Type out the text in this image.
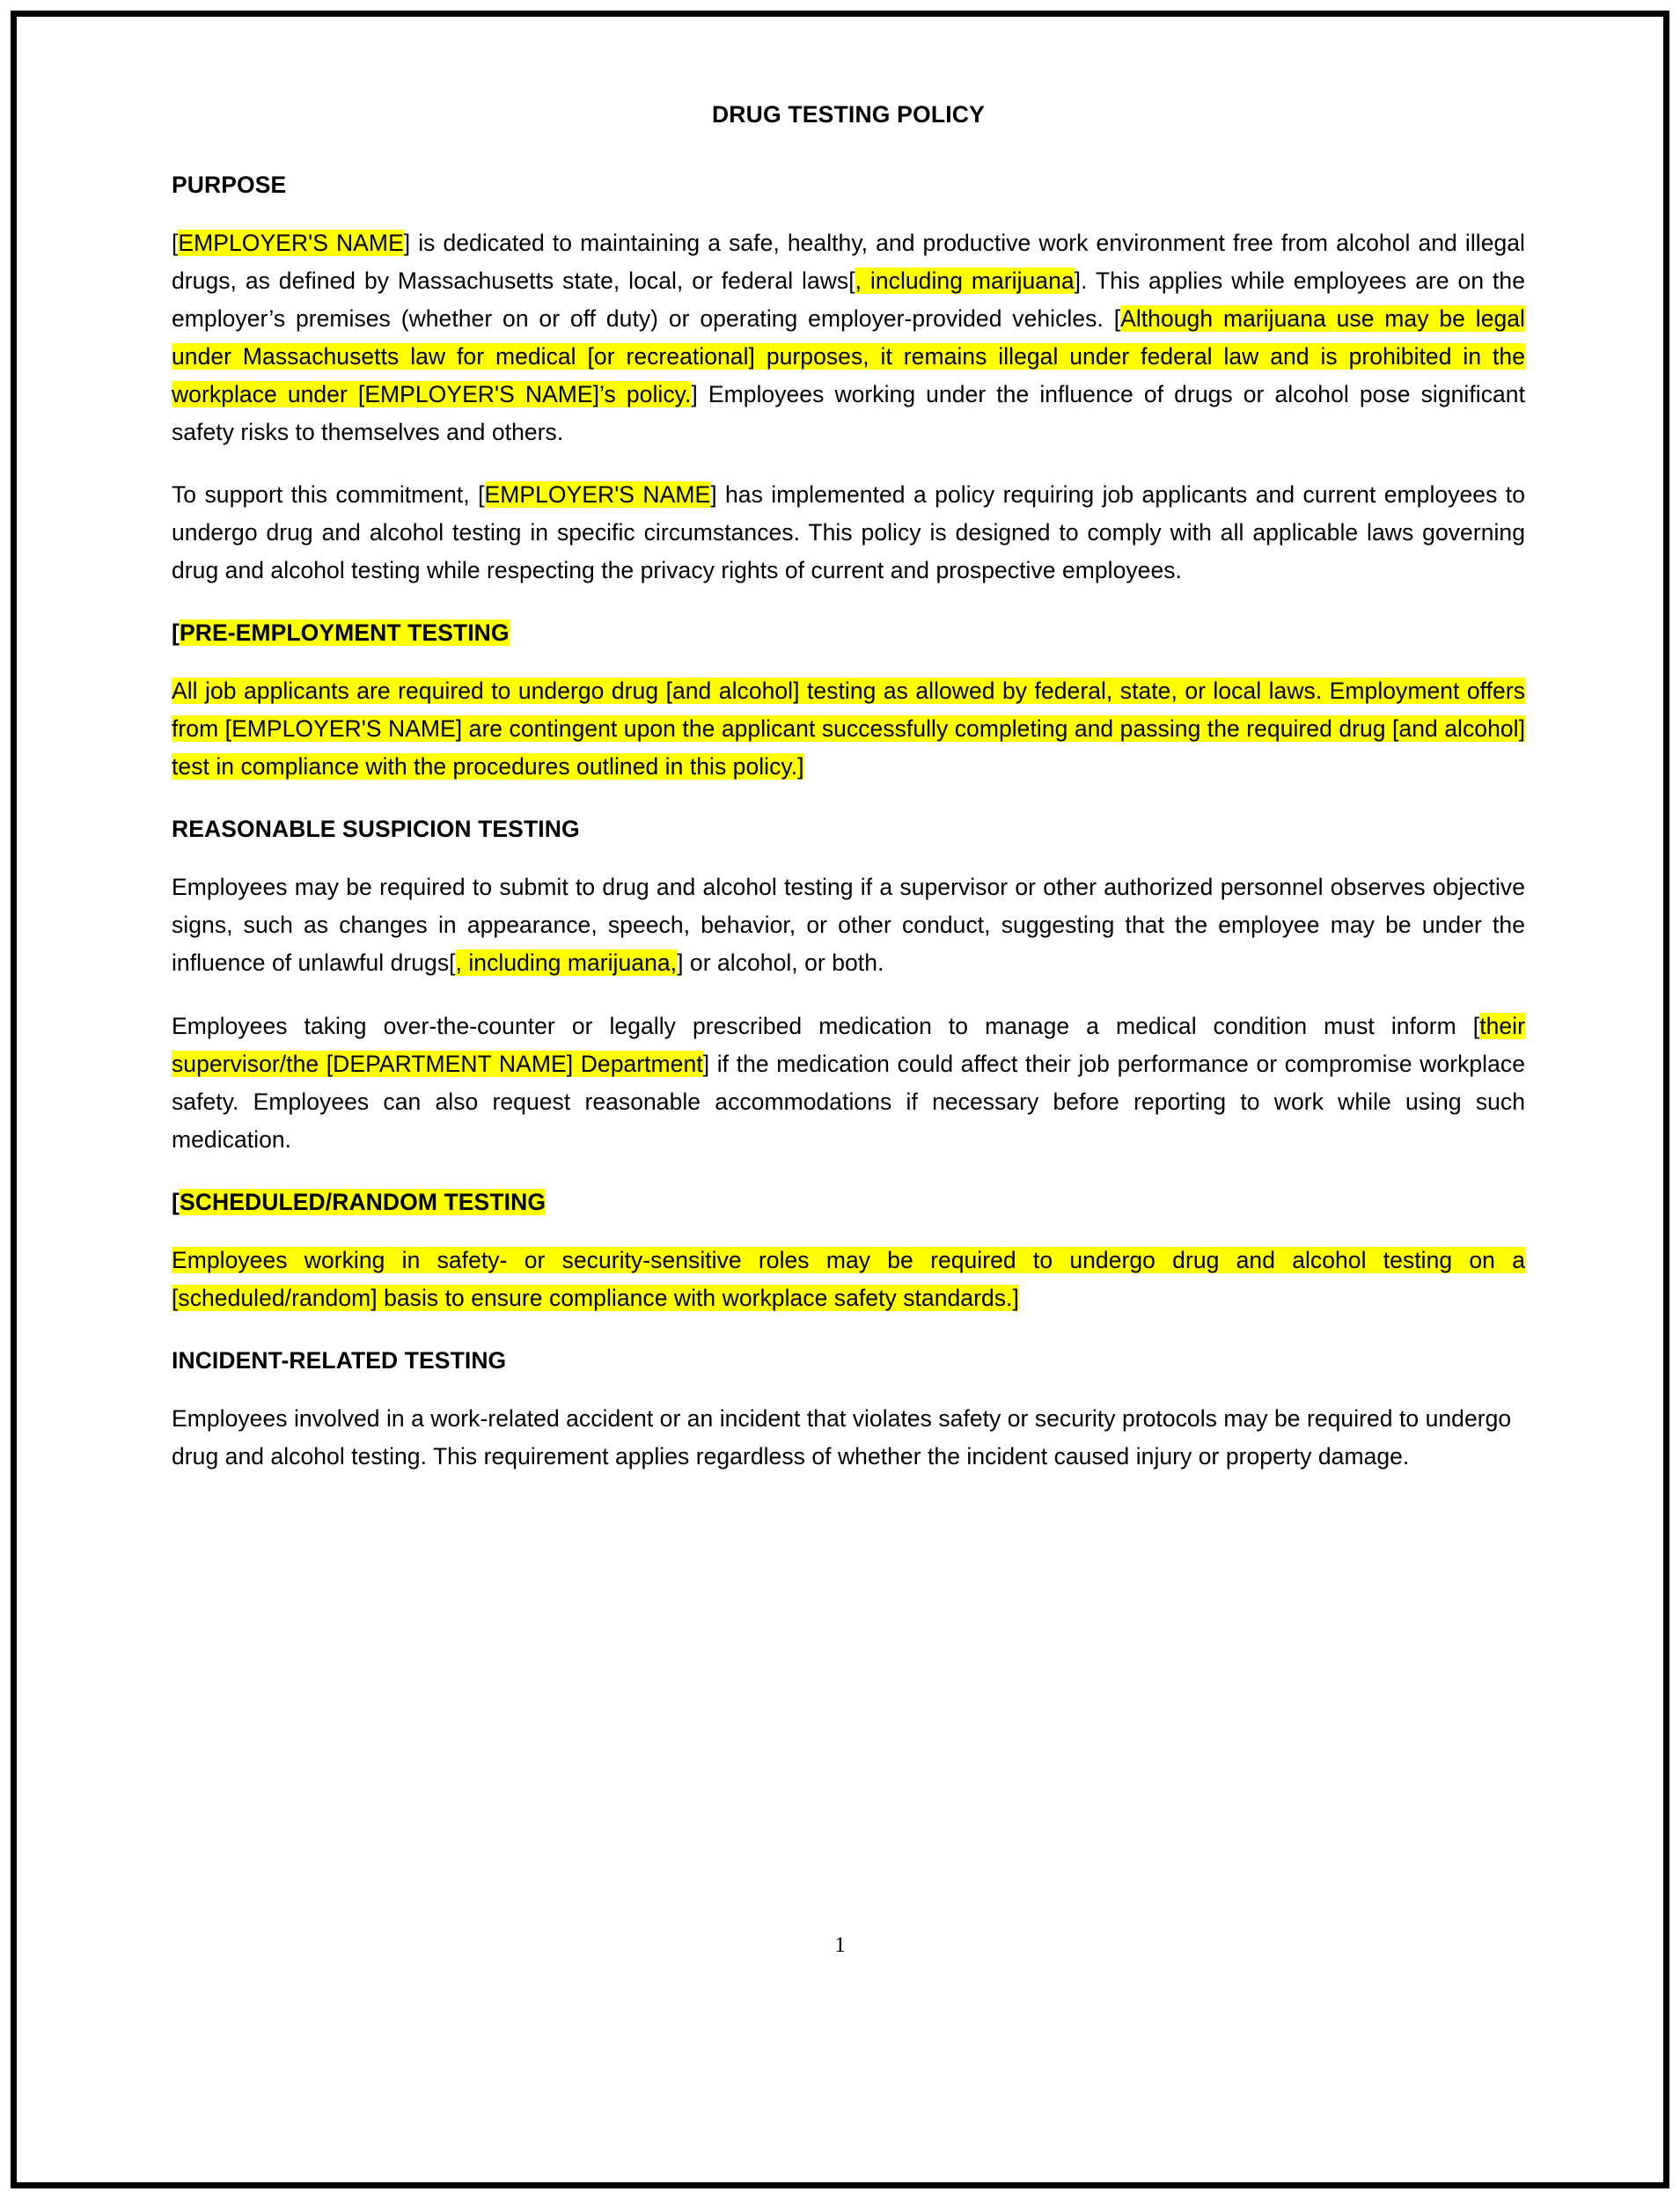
DRUG TESTING POLICY
PURPOSE

[EMPLOYER'S NAME] is dedicated to maintaining a safe, healthy, and productive work environment free from alcohol and illegal drugs, as defined by Massachusetts state, local, or federal laws[, including marijuana]. This applies while employees are on the employer’s premises (whether on or off duty) or operating employer-provided vehicles. [Although marijuana use may be legal under Massachusetts law for medical [or recreational] purposes, it remains illegal under federal law and is prohibited in the workplace under [EMPLOYER'S NAME]’s policy.] Employees working under the influence of drugs or alcohol pose significant safety risks to themselves and others.

To support this commitment, [EMPLOYER'S NAME] has implemented a policy requiring job applicants and current employees to undergo drug and alcohol testing in specific circumstances. This policy is designed to comply with all applicable laws governing drug and alcohol testing while respecting the privacy rights of current and prospective employees.

[PRE-EMPLOYMENT TESTING

All job applicants are required to undergo drug [and alcohol] testing as allowed by federal, state, or local laws. Employment offers from [EMPLOYER'S NAME] are contingent upon the applicant successfully completing and passing the required drug [and alcohol] test in compliance with the procedures outlined in this policy.]

REASONABLE SUSPICION TESTING

Employees may be required to submit to drug and alcohol testing if a supervisor or other authorized personnel observes objective signs, such as changes in appearance, speech, behavior, or other conduct, suggesting that the employee may be under the influence of unlawful drugs[, including marijuana,] or alcohol, or both.

Employees taking over-the-counter or legally prescribed medication to manage a medical condition must inform [their supervisor/the [DEPARTMENT NAME] Department] if the medication could affect their job performance or compromise workplace safety. Employees can also request reasonable accommodations if necessary before reporting to work while using such medication.

[SCHEDULED/RANDOM TESTING

Employees working in safety- or security-sensitive roles may be required to undergo drug and alcohol testing on a [scheduled/random] basis to ensure compliance with workplace safety standards.]

INCIDENT-RELATED TESTING

Employees involved in a work-related accident or an incident that violates safety or security protocols may be required to undergo drug and alcohol testing. This requirement applies regardless of whether the incident caused injury or property damage.

1
